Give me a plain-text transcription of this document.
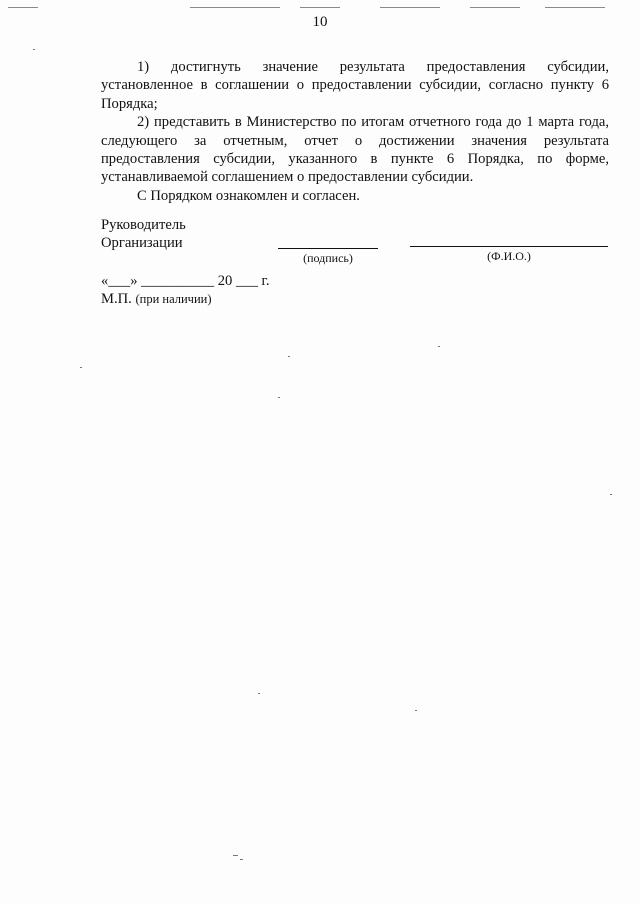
10

1) достигнуть значение результата предоставления субсидии, установленное в соглашении о предоставлении субсидии, согласно пункту 6 Порядка;

2) представить в Министерство по итогам отчетного года до 1 марта года, следующего за отчетным, отчет о достижении значения результата предоставления субсидии, указанного в пункте 6 Порядка, по форме, устанавливаемой соглашением о предоставлении субсидии.

С Порядком ознакомлен и согласен.

Руководитель

Организации

(подпись)	(Ф.И.О.)
«___» __________ 20 ___ г.
М.П. (при наличии)
